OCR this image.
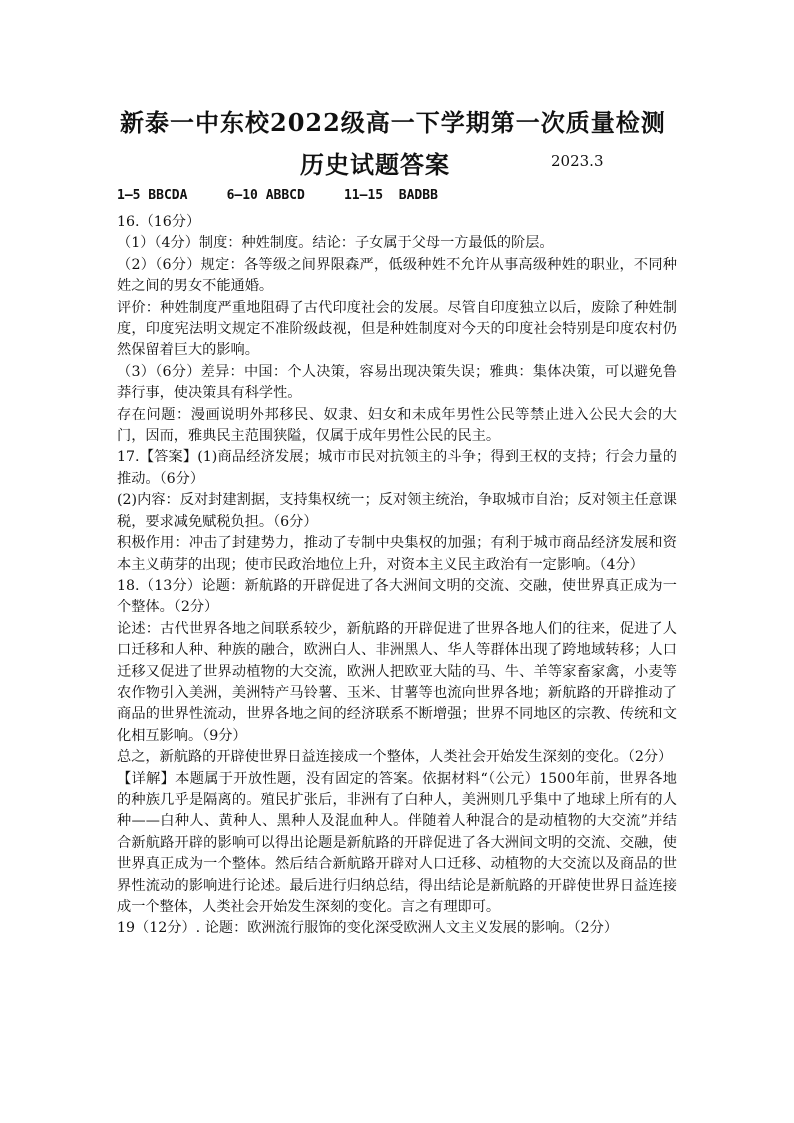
新泰一中东校2022级高一下学期第一次质量检测
历史试题答案	2023.3
1—5 BBCDA     6—10 ABBCD     11—15  BADBB

16.（16分）

（1）（4分）制度：种姓制度。结论：子女属于父母一方最低的阶层。

（2）（6分）规定：各等级之间界限森严，低级种姓不允许从事高级种姓的职业，不同种姓之间的男女不能通婚。

评价：种姓制度严重地阻碍了古代印度社会的发展。尽管自印度独立以后，废除了种姓制度，印度宪法明文规定不准阶级歧视，但是种姓制度对今天的印度社会特别是印度农村仍然保留着巨大的影响。

（3）（6分）差异：中国：个人决策，容易出现决策失误；雅典：集体决策，可以避免鲁莽行事，使决策具有科学性。

存在问题：漫画说明外邦移民、奴隶、妇女和未成年男性公民等禁止进入公民大会的大门，因而，雅典民主范围狭隘，仅属于成年男性公民的民主。

17.【答案】(1)商品经济发展；城市市民对抗领主的斗争；得到王权的支持；行会力量的推动。（6分）

(2)内容：反对封建割据，支持集权统一；反对领主统治，争取城市自治；反对领主任意课税，要求减免赋税负担。（6分）

积极作用：冲击了封建势力，推动了专制中央集权的加强；有利于城市商品经济发展和资本主义萌芽的出现；使市民政治地位上升，对资本主义民主政治有一定影响。（4分）

18.（13分）论题：新航路的开辟促进了各大洲间文明的交流、交融，使世界真正成为一个整体。（2分）

论述：古代世界各地之间联系较少，新航路的开辟促进了世界各地人们的往来，促进了人口迁移和人种、种族的融合，欧洲白人、非洲黑人、华人等群体出现了跨地域转移；人口迁移又促进了世界动植物的大交流，欧洲人把欧亚大陆的马、牛、羊等家畜家禽，小麦等农作物引入美洲，美洲特产马铃薯、玉米、甘薯等也流向世界各地；新航路的开辟推动了商品的世界性流动，世界各地之间的经济联系不断增强；世界不同地区的宗教、传统和文化相互影响。（9分）

总之，新航路的开辟使世界日益连接成一个整体，人类社会开始发生深刻的变化。（2分）

【详解】本题属于开放性题，没有固定的答案。依据材料“（公元）1500年前，世界各地的种族几乎是隔离的。殖民扩张后，非洲有了白种人，美洲则几乎集中了地球上所有的人种——白种人、黄种人、黑种人及混血种人。伴随着人种混合的是动植物的大交流”并结合新航路开辟的影响可以得出论题是新航路的开辟促进了各大洲间文明的交流、交融，使世界真正成为一个整体。然后结合新航路开辟对人口迁移、动植物的大交流以及商品的世界性流动的影响进行论述。最后进行归纳总结，得出结论是新航路的开辟使世界日益连接成一个整体，人类社会开始发生深刻的变化。言之有理即可。

19（12分）. 论题：欧洲流行服饰的变化深受欧洲人文主义发展的影响。（2分）
